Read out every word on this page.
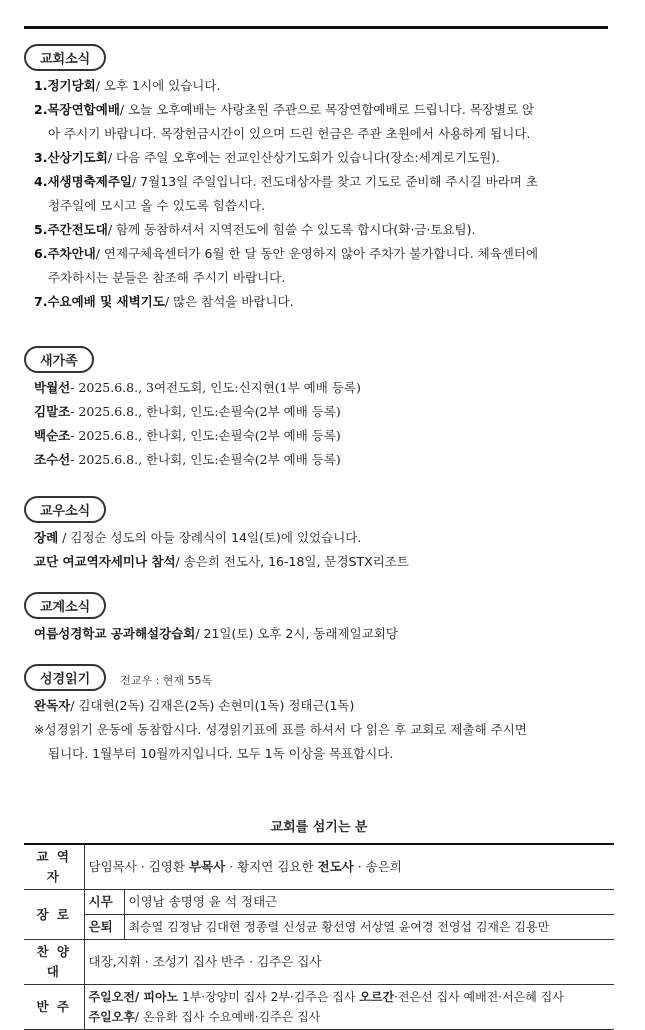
교회소식
1.정기당회/ 오후 1시에 있습니다.
2.목장연합예배/ 오늘 오후예배는 사랑초원 주관으로 목장연합예배로 드립니다. 목장별로 앉
아 주시기 바랍니다. 목장헌금시간이 있으며 드린 헌금은 주관 초원에서 사용하게 됩니다.
3.산상기도회/ 다음 주일 오후에는 전교인산상기도회가 있습니다(장소:세계로기도원).
4.새생명축제주일/ 7월13일 주일입니다. 전도대상자를 찾고 기도로 준비해 주시길 바라며 초
청주일에 모시고 올 수 있도록 힘씁시다.
5.주간전도대/ 함께 동참하셔서 지역전도에 힘쓸 수 있도록 합시다(화·금·토요팀).
6.주차안내/ 연제구체육센터가 6월 한 달 동안 운영하지 않아 주차가 불가합니다. 체육센터에
주차하시는 분들은 참조해 주시기 바랍니다.
7.수요예배 및 새벽기도/ 많은 참석을 바랍니다.
새가족
박월선- 2025.6.8., 3여전도회, 인도:신지현(1부 예배 등록)
김말조- 2025.6.8., 한나회, 인도:손필숙(2부 예배 등록)
백순조- 2025.6.8., 한나회, 인도:손필숙(2부 예배 등록)
조수선- 2025.6.8., 한나회, 인도:손필숙(2부 예배 등록)
교우소식
장례 / 김정순 성도의 아들 장례식이 14일(토)에 있었습니다.
교단 여교역자세미나 참석/ 송은희 전도사, 16-18일, 문경STX리조트
교계소식
여름성경학교 공과해설강습회/ 21일(토) 오후 2시, 동래제일교회당
성경읽기	전교우 : 현재 55독
완독자/ 김대현(2독) 김재은(2독) 손현미(1독) 정태근(1독)
※성경읽기 운동에 동참합시다. 성경읽기표에 표를 하셔서 다 읽은 후 교회로 제출해 주시면
됩니다. 1월부터 10월까지입니다. 모두 1독 이상을 목표합시다.
교회를 섬기는 분
교 역 자	담임목사 · 김영환 부목사 · 황지연 김요한 전도사 · 송은희	
장 로	시무	이영남 송명영 윤 석 정태근
	은퇴	최승열 김정남 김대현 정종렬 신성균 황선영 서상열 윤여경 전영섭 김재은 김용만
찬 양 대	대장,지휘 · 조성기 집사 반주 · 김주은 집사	
반 주	주일오전/ 피아노 1부·장양미 집사 2부·김주은 집사 오르간·전은선 집사 예배전·서은혜 집사
주일오후/ 온유화 집사 수요예배·김주은 집사	
